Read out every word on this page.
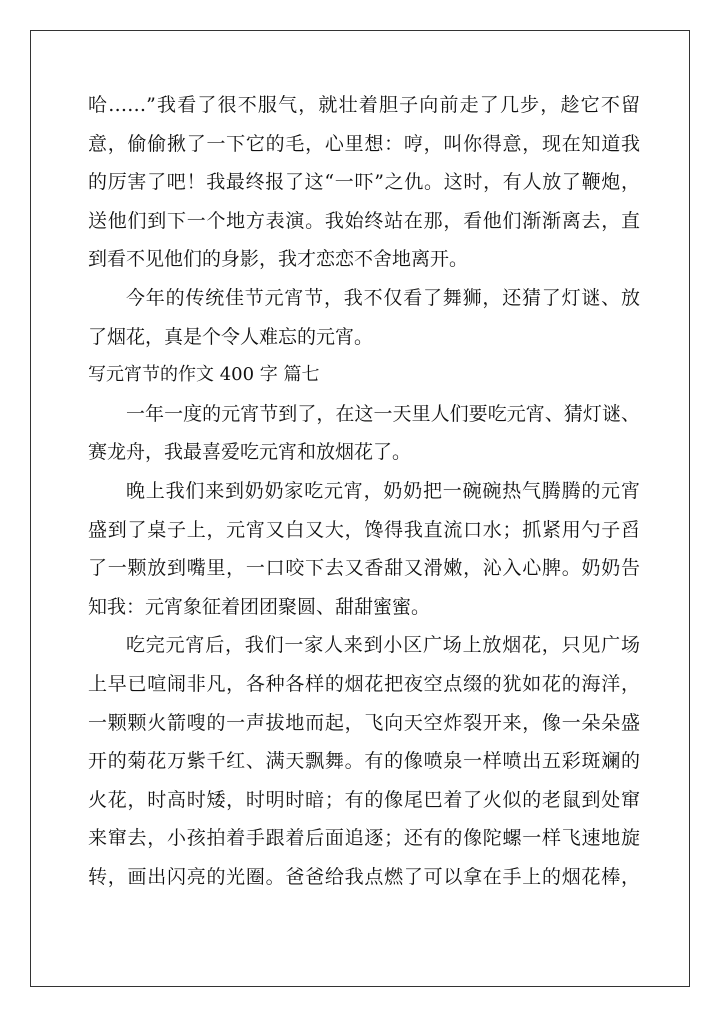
哈……”我看了很不服气，就壮着胆子向前走了几步，趁它不留
意，偷偷揪了一下它的毛，心里想：哼，叫你得意，现在知道我
的厉害了吧！我最终报了这“一吓”之仇。这时，有人放了鞭炮，
送他们到下一个地方表演。我始终站在那，看他们渐渐离去，直
到看不见他们的身影，我才恋恋不舍地离开。
今年的传统佳节元宵节，我不仅看了舞狮，还猜了灯谜、放
了烟花，真是个令人难忘的元宵。
写元宵节的作文 400 字 篇七
一年一度的元宵节到了，在这一天里人们要吃元宵、猜灯谜、
赛龙舟，我最喜爱吃元宵和放烟花了。
晚上我们来到奶奶家吃元宵，奶奶把一碗碗热气腾腾的元宵
盛到了桌子上，元宵又白又大，馋得我直流口水；抓紧用勺子舀
了一颗放到嘴里，一口咬下去又香甜又滑嫩，沁入心脾。奶奶告
知我：元宵象征着团团聚圆、甜甜蜜蜜。
吃完元宵后，我们一家人来到小区广场上放烟花，只见广场
上早已喧闹非凡，各种各样的烟花把夜空点缀的犹如花的海洋，
一颗颗火箭嗖的一声拔地而起，飞向天空炸裂开来，像一朵朵盛
开的菊花万紫千红、满天飘舞。有的像喷泉一样喷出五彩斑斓的
火花，时高时矮，时明时暗；有的像尾巴着了火似的老鼠到处窜
来窜去，小孩拍着手跟着后面追逐；还有的像陀螺一样飞速地旋
转，画出闪亮的光圈。爸爸给我点燃了可以拿在手上的烟花棒，
